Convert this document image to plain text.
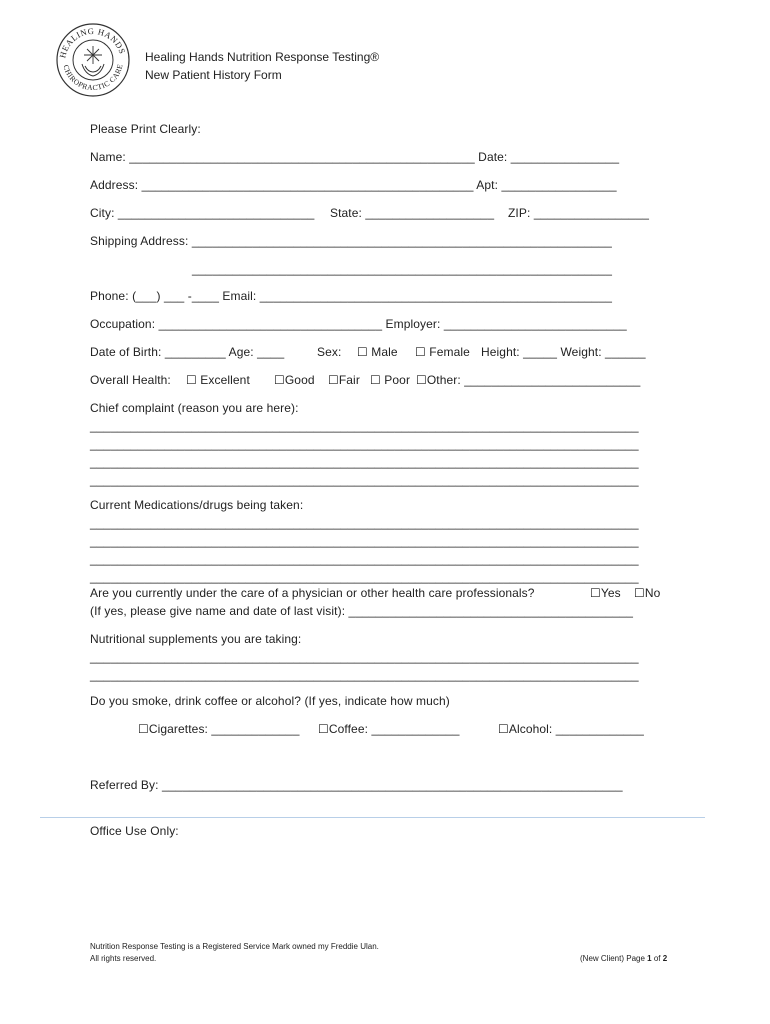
HEALING HANDS
CHIROPRACTIC CARE
Healing Hands Nutrition Response Testing®
New Patient History Form
Please Print Clearly:
Name: ___________________________________________________ Date: ________________
Address: _________________________________________________ Apt: _________________
City: _____________________________ State: ___________________ ZIP: _________________
Shipping Address: ______________________________________________________________
______________________________________________________________
Phone: (___) ___ -____ Email: ____________________________________________________
Occupation: _________________________________ Employer: ___________________________
Date of Birth: _________ Age: ____	Sex: ☐ Male ☐ Female Height: _____ Weight: ______
Overall Health: ☐ Excellent ☐Good ☐Fair ☐ Poor ☐Other: __________________________
Chief complaint (reason you are here):
_________________________________________________________________________________
_________________________________________________________________________________
_________________________________________________________________________________
_________________________________________________________________________________
Current Medications/drugs being taken:
_________________________________________________________________________________
_________________________________________________________________________________
_________________________________________________________________________________
_________________________________________________________________________________
Are you currently under the care of a physician or other health care professionals?	☐Yes ☐No
(If yes, please give name and date of last visit): __________________________________________
Nutritional supplements you are taking:
_________________________________________________________________________________
_________________________________________________________________________________
Do you smoke, drink coffee or alcohol? (If yes, indicate how much)
☐Cigarettes: _____________ ☐Coffee: _____________	☐Alcohol: _____________
Referred By: ____________________________________________________________________
Office Use Only:
Nutrition Response Testing is a Registered Service Mark owned my Freddie Ulan.
All rights reserved.	(New Client) Page 1 of 2
